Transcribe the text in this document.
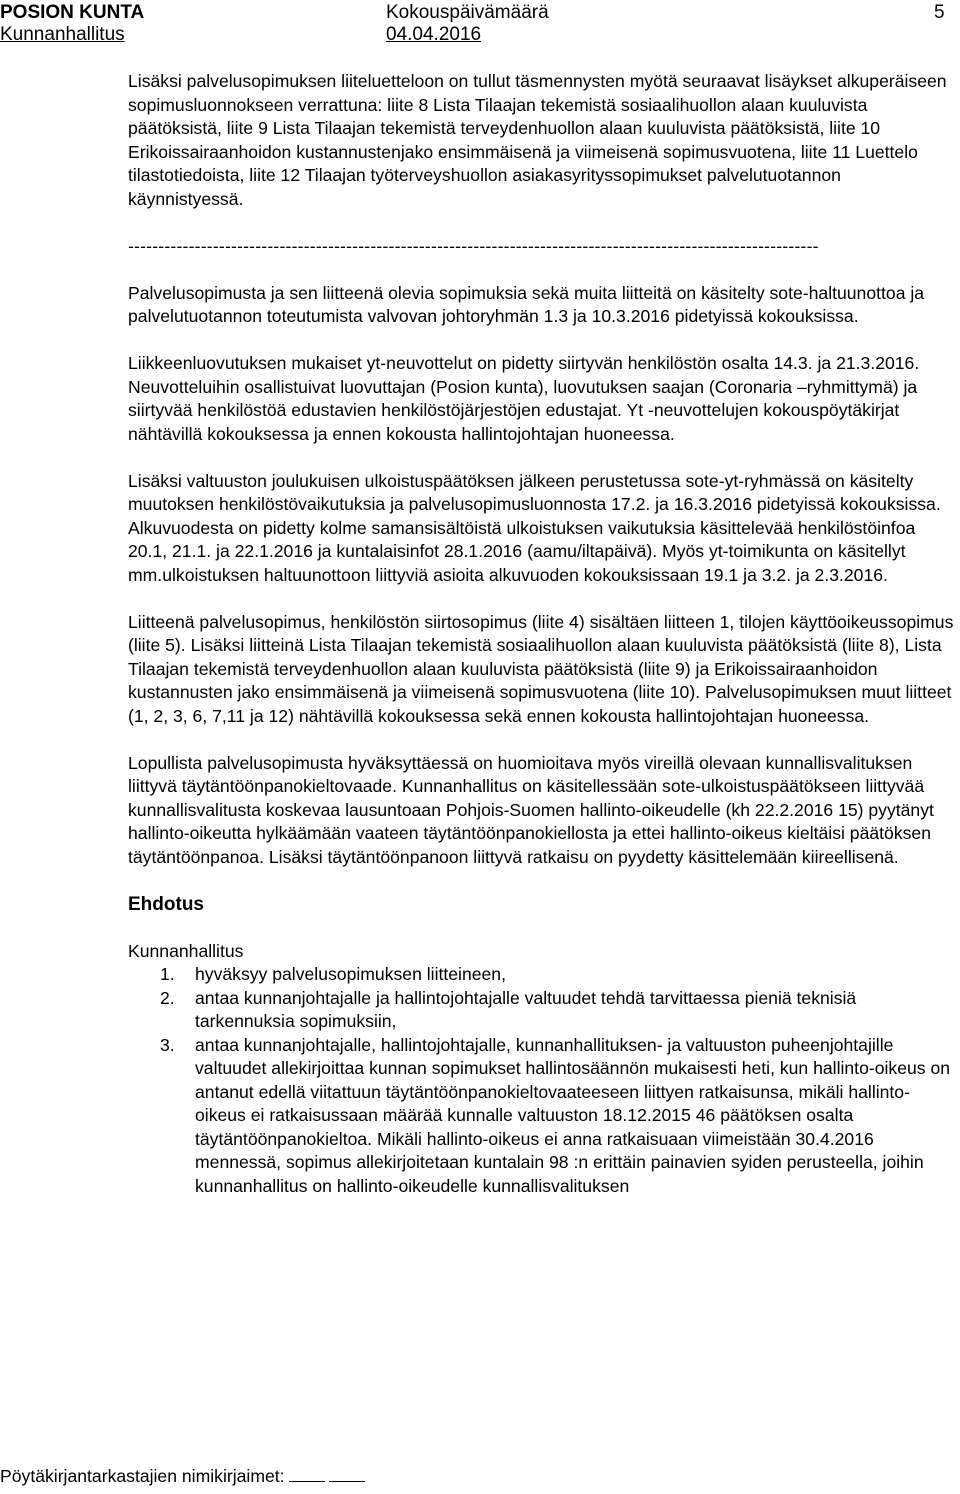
POSION KUNTA	Kokouspäivämäärä	5
Kunnanhallitus	04.04.2016

Lisäksi palvelusopimuksen liiteluetteloon on tullut täsmennysten myötä seuraavat lisäykset alkuperäiseen sopimusluonnokseen verrattuna: liite 8 Lista Tilaajan tekemistä sosiaalihuollon alaan kuuluvista päätöksistä, liite 9 Lista Tilaajan tekemistä terveydenhuollon alaan kuuluvista päätöksistä, liite 10 Erikoissairaanhoidon kustannustenjako ensimmäisenä ja viimeisenä sopimusvuotena, liite 11 Luettelo tilastotiedoista, liite 12 Tilaajan työterveyshuollon asiakasyrityssopimukset palvelutuotannon käynnistyessä.

------------------------------------------------------------------------------------------------------------------

Palvelusopimusta ja sen liitteenä olevia sopimuksia sekä muita liitteitä on käsitelty sote-haltuunottoa ja palvelutuotannon toteutumista valvovan johtoryhmän 1.3 ja 10.3.2016 pidetyissä kokouksissa.

Liikkeenluovutuksen mukaiset yt-neuvottelut on pidetty siirtyvän henkilöstön osalta 14.3. ja 21.3.2016. Neuvotteluihin osallistuivat luovuttajan (Posion kunta), luovutuksen saajan (Coronaria –ryhmittymä) ja siirtyvää henkilöstöä edustavien henkilöstöjärjestöjen edustajat. Yt -neuvottelujen kokouspöytäkirjat nähtävillä kokouksessa ja ennen kokousta hallintojohtajan huoneessa.

Lisäksi valtuuston joulukuisen ulkoistuspäätöksen jälkeen perustetussa sote-yt-ryhmässä on käsitelty muutoksen henkilöstövaikutuksia ja palvelusopimusluonnosta 17.2. ja 16.3.2016 pidetyissä kokouksissa. Alkuvuodesta on pidetty kolme samansisältöistä ulkoistuksen vaikutuksia käsittelevää henkilöstöinfoa 20.1, 21.1. ja 22.1.2016 ja kuntalaisinfot 28.1.2016 (aamu/iltapäivä). Myös yt-toimikunta on käsitellyt mm.ulkoistuksen haltuunottoon liittyviä asioita alkuvuoden kokouksissaan 19.1 ja 3.2. ja 2.3.2016.

Liitteenä palvelusopimus, henkilöstön siirtosopimus (liite 4) sisältäen liitteen 1, tilojen käyttöoikeussopimus (liite 5). Lisäksi liitteinä Lista Tilaajan tekemistä sosiaalihuollon alaan kuuluvista päätöksistä (liite 8), Lista Tilaajan tekemistä terveydenhuollon alaan kuuluvista päätöksistä (liite 9) ja Erikoissairaanhoidon kustannusten jako ensimmäisenä ja viimeisenä sopimusvuotena (liite 10). Palvelusopimuksen muut liitteet (1, 2, 3, 6, 7,11 ja 12) nähtävillä kokouksessa sekä ennen kokousta hallintojohtajan huoneessa.

Lopullista palvelusopimusta hyväksyttäessä on huomioitava myös vireillä olevaan kunnallisvalituksen liittyvä täytäntöönpanokieltovaade. Kunnanhallitus on käsitellessään sote-ulkoistuspäätökseen liittyvää kunnallisvalitusta koskevaa lausuntoaan Pohjois-Suomen hallinto-oikeudelle (kh 22.2.2016 15) pyytänyt hallinto-oikeutta hylkäämään vaateen täytäntöönpanokiellosta ja ettei hallinto-oikeus kieltäisi päätöksen täytäntöönpanoa. Lisäksi täytäntöönpanoon liittyvä ratkaisu on pyydetty käsittelemään kiireellisenä.

Ehdotus

Kunnanhallitus

1. hyväksyy palvelusopimuksen liitteineen,
2. antaa kunnanjohtajalle ja hallintojohtajalle valtuudet tehdä tarvittaessa pieniä teknisiä tarkennuksia sopimuksiin,
3. antaa kunnanjohtajalle, hallintojohtajalle, kunnanhallituksen- ja valtuuston puheenjohtajille valtuudet allekirjoittaa kunnan sopimukset hallintosäännön mukaisesti heti, kun hallinto-oikeus on antanut edellä viitattuun täytäntöönpanokieltovaateeseen liittyen ratkaisunsa, mikäli hallinto-oikeus ei ratkaisussaan määrää kunnalle valtuuston 18.12.2015 46 päätöksen osalta täytäntöönpanokieltoa. Mikäli hallinto-oikeus ei anna ratkaisuaan viimeistään 30.4.2016 mennessä, sopimus allekirjoitetaan kuntalain 98 :n erittäin painavien syiden perusteella, joihin kunnanhallitus on hallinto-oikeudelle kunnallisvalituksen
Pöytäkirjantarkastajien nimikirjaimet:
